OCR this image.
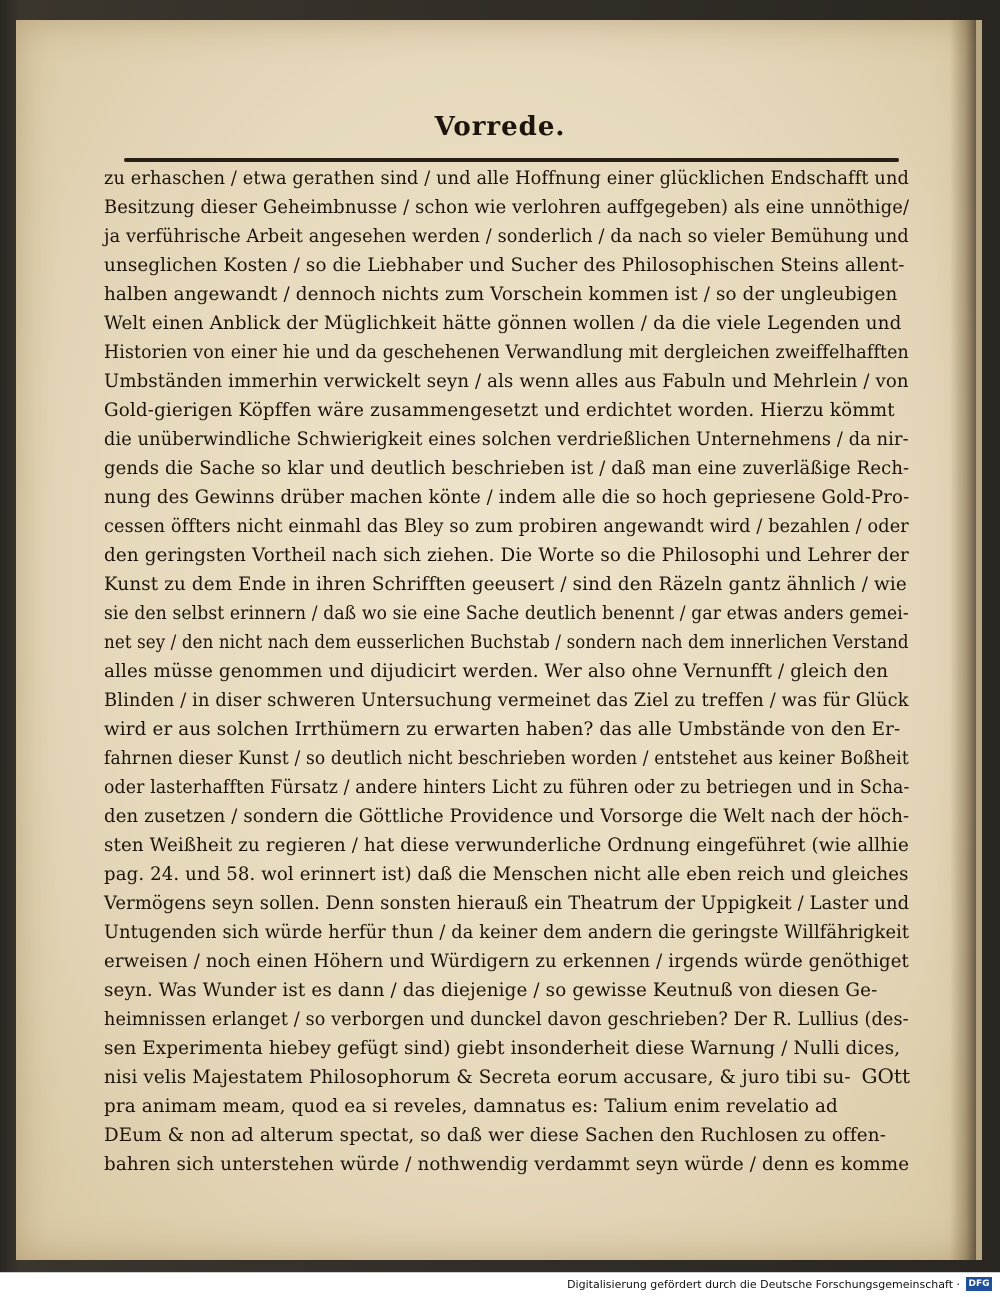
Vorrede.
zu erhaschen / etwa gerathen sind / und alle Hoffnung einer glücklichen Endschafft und
Besitzung dieser Geheimbnusse / schon wie verlohren auffgegeben) als eine unnöthige/
ja verführische Arbeit angesehen werden / sonderlich / da nach so vieler Bemühung und
unseglichen Kosten / so die Liebhaber und Sucher des Philosophischen Steins allent-
halben angewandt / dennoch nichts zum Vorschein kommen ist / so der ungleubigen
Welt einen Anblick der Müglichkeit hätte gönnen wollen / da die viele Legenden und
Historien von einer hie und da geschehenen Verwandlung mit dergleichen zweiffelhafften
Umbständen immerhin verwickelt seyn / als wenn alles aus Fabuln und Mehrlein / von
Gold-gierigen Köpffen wäre zusammengesetzt und erdichtet worden. Hierzu kömmt
die unüberwindliche Schwierigkeit eines solchen verdrießlichen Unternehmens / da nir-
gends die Sache so klar und deutlich beschrieben ist / daß man eine zuverläßige Rech-
nung des Gewinns drüber machen könte / indem alle die so hoch gepriesene Gold-Pro-
cessen öffters nicht einmahl das Bley so zum probiren angewandt wird / bezahlen / oder
den geringsten Vortheil nach sich ziehen. Die Worte so die Philosophi und Lehrer der
Kunst zu dem Ende in ihren Schrifften geeusert / sind den Räzeln gantz ähnlich / wie
sie den selbst erinnern / daß wo sie eine Sache deutlich benennt / gar etwas anders gemei-
net sey / den nicht nach dem eusserlichen Buchstab / sondern nach dem innerlichen Verstand
alles müsse genommen und dijudicirt werden. Wer also ohne Vernunfft / gleich den
Blinden / in diser schweren Untersuchung vermeinet das Ziel zu treffen / was für Glück
wird er aus solchen Irrthümern zu erwarten haben? das alle Umbstände von den Er-
fahrnen dieser Kunst / so deutlich nicht beschrieben worden / entstehet aus keiner Boßheit
oder lasterhafften Fürsatz / andere hinters Licht zu führen oder zu betriegen und in Scha-
den zusetzen / sondern die Göttliche Providence und Vorsorge die Welt nach der höch-
sten Weißheit zu regieren / hat diese verwunderliche Ordnung eingeführet (wie allhie
pag. 24. und 58. wol erinnert ist) daß die Menschen nicht alle eben reich und gleiches
Vermögens seyn sollen. Denn sonsten hierauß ein Theatrum der Uppigkeit / Laster und
Untugenden sich würde herfür thun / da keiner dem andern die geringste Willfährigkeit
erweisen / noch einen Höhern und Würdigern zu erkennen / irgends würde genöthiget
seyn. Was Wunder ist es dann / das diejenige / so gewisse Keutnuß von diesen Ge-
heimnissen erlanget / so verborgen und dunckel davon geschrieben? Der R. Lullius (des-
sen Experimenta hiebey gefügt sind) giebt insonderheit diese Warnung / Nulli dices,
nisi velis Majestatem Philosophorum & Secreta eorum accusare, & juro tibi su-
pra animam meam, quod ea si reveles, damnatus es: Talium enim revelatio ad
DEum & non ad alterum spectat, so daß wer diese Sachen den Ruchlosen zu offen-
bahren sich unterstehen würde / nothwendig verdammt seyn würde / denn es komme
GOtt
Digitalisierung gefördert durch die Deutsche Forschungsgemeinschaft · DFG
